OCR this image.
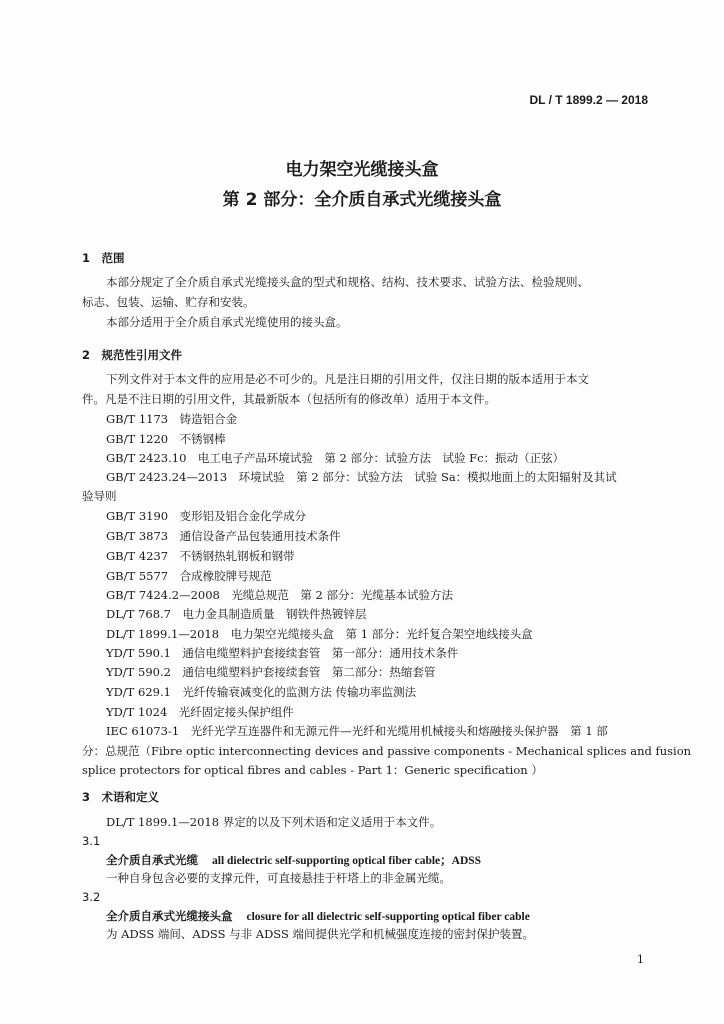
DL / T 1899.2 — 2018
电力架空光缆接头盒
第 2 部分：全介质自承式光缆接头盒
1　范围
本部分规定了全介质自承式光缆接头盒的型式和规格、结构、技术要求、试验方法、检验规则、
标志、包装、运输、贮存和安装。
本部分适用于全介质自承式光缆使用的接头盒。
2　规范性引用文件
下列文件对于本文件的应用是必不可少的。凡是注日期的引用文件，仅注日期的版本适用于本文
件。凡是不注日期的引用文件，其最新版本（包括所有的修改单）适用于本文件。
GB/T 1173　铸造铝合金
GB/T 1220　不锈钢棒
GB/T 2423.10　电工电子产品环境试验　第 2 部分：试验方法　试验 Fc：振动（正弦）
GB/T 2423.24—2013　环境试验　第 2 部分：试验方法　试验 Sa：模拟地面上的太阳辐射及其试
验导则
GB/T 3190　变形铝及铝合金化学成分
GB/T 3873　通信设备产品包装通用技术条件
GB/T 4237　不锈钢热轧钢板和钢带
GB/T 5577　合成橡胶牌号规范
GB/T 7424.2—2008　光缆总规范　第 2 部分：光缆基本试验方法
DL/T 768.7　电力金具制造质量　钢铁件热镀锌层
DL/T 1899.1—2018　电力架空光缆接头盒　第 1 部分：光纤复合架空地线接头盒
YD/T 590.1　通信电缆塑料护套接续套管　第一部分：通用技术条件
YD/T 590.2　通信电缆塑料护套接续套管　第二部分：热缩套管
YD/T 629.1　光纤传输衰减变化的监测方法 传输功率监测法
YD/T 1024　光纤固定接头保护组件
IEC 61073-1　光纤光学互连器件和无源元件—光纤和光缆用机械接头和熔融接头保护器　第 1 部
分：总规范（Fibre optic interconnecting devices and passive components - Mechanical splices and fusion
splice protectors for optical fibres and cables - Part 1：Generic specification ）
3　术语和定义
DL/T 1899.1—2018 界定的以及下列术语和定义适用于本文件。
3.1
全介质自承式光缆 all dielectric self-supporting optical fiber cable；ADSS
一种自身包含必要的支撑元件，可直接悬挂于杆塔上的非金属光缆。
3.2
全介质自承式光缆接头盒 closure for all dielectric self-supporting optical fiber cable
为 ADSS 端间、ADSS 与非 ADSS 端间提供光学和机械强度连接的密封保护装置。
1
